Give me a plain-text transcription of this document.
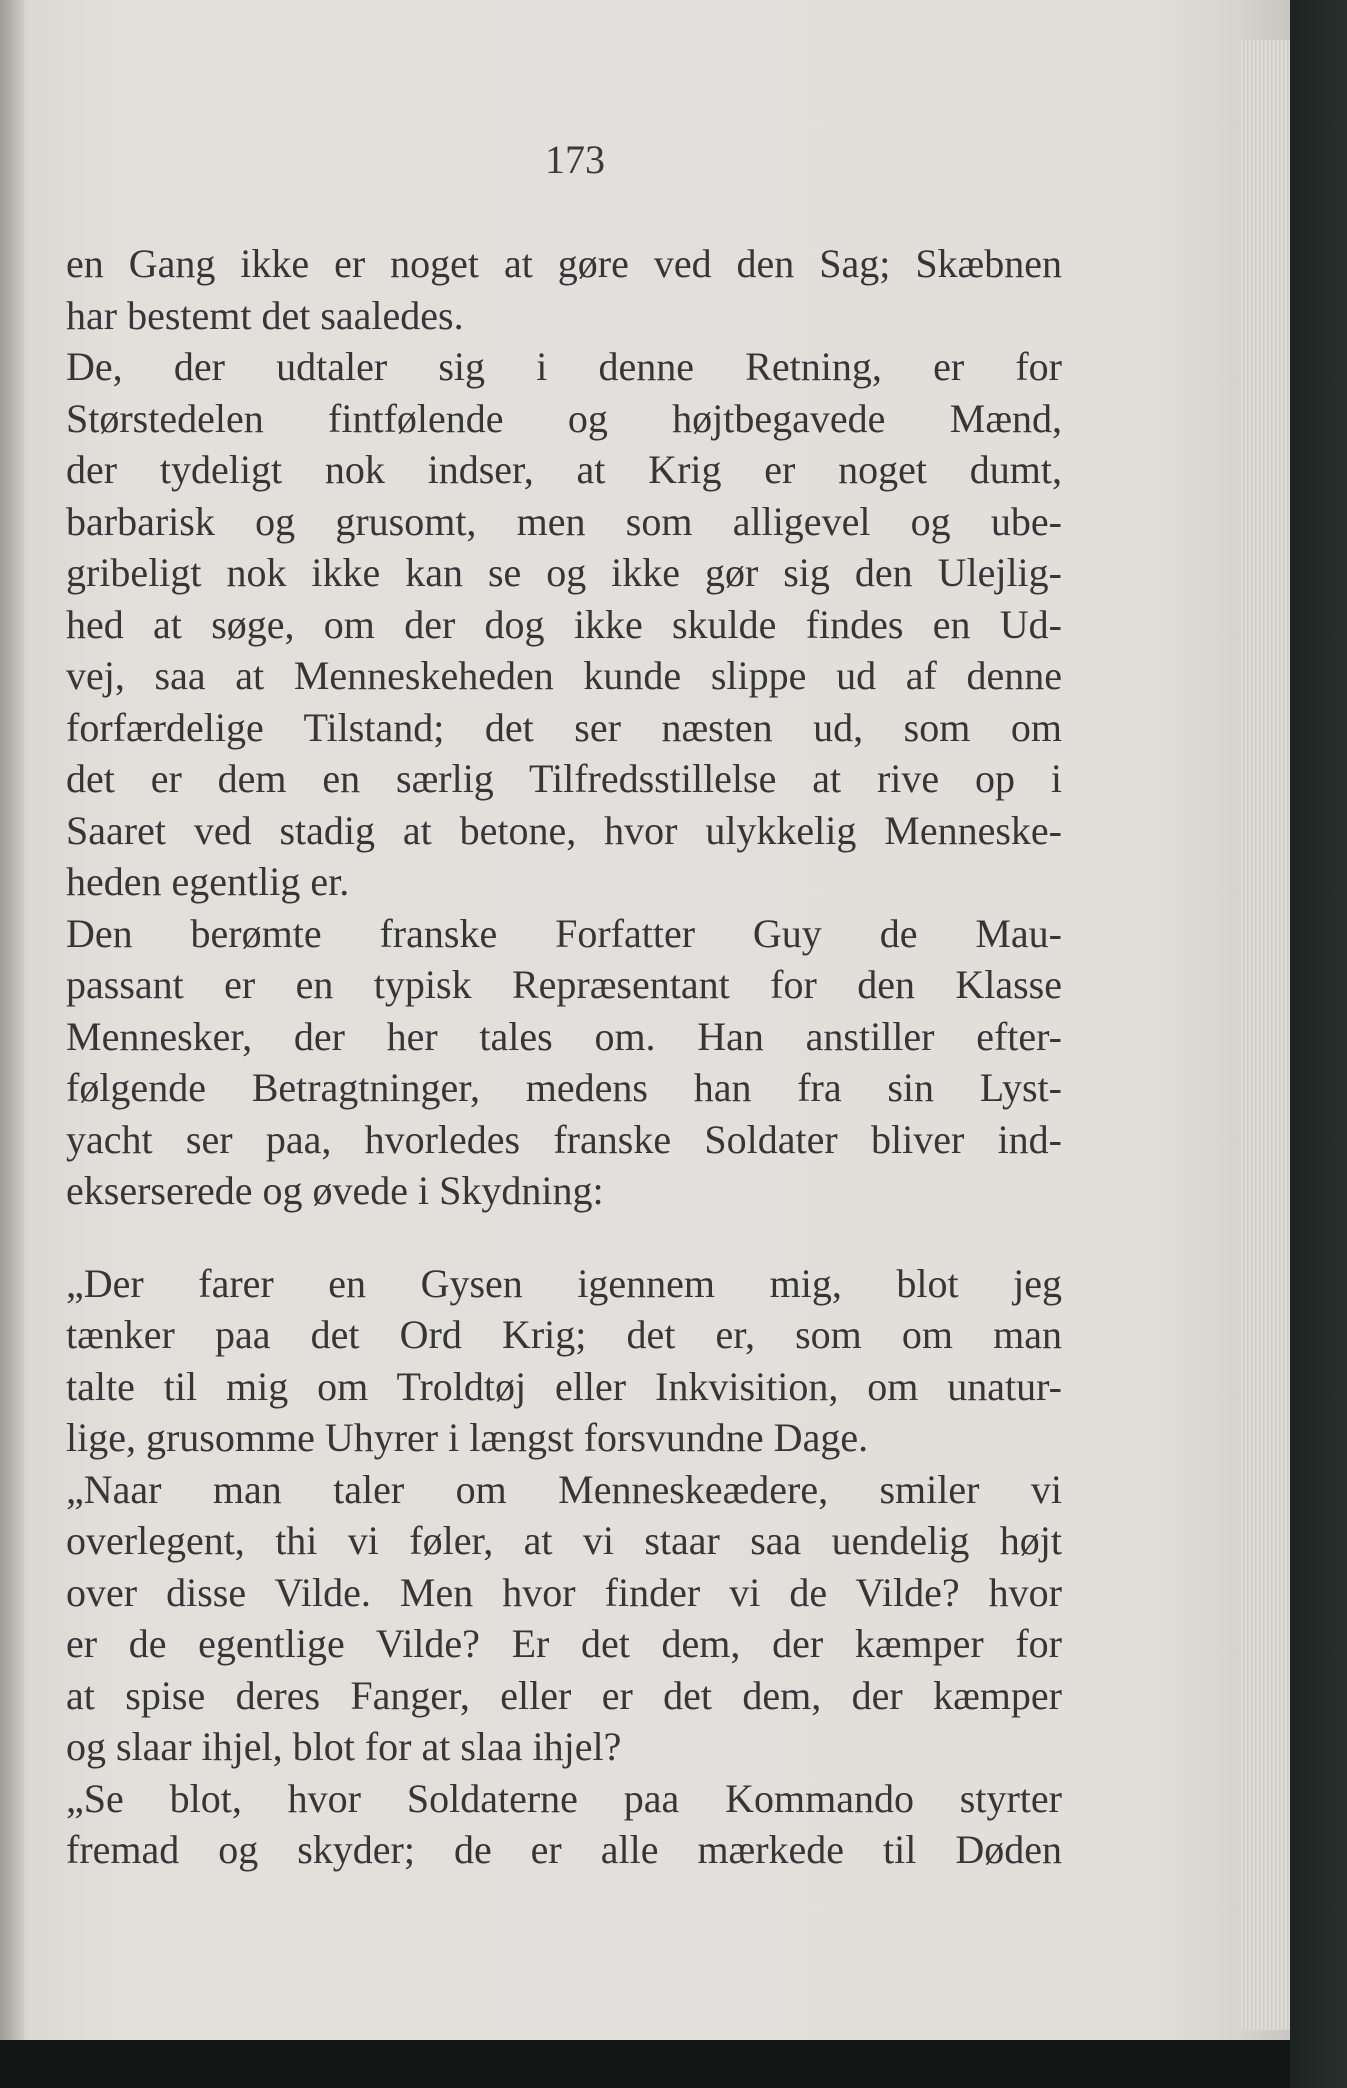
173
en Gang ikke er noget at gøre ved den Sag; Skæbnen
har bestemt det saaledes.
De, der udtaler sig i denne Retning, er for
Størstedelen fintfølende og højtbegavede Mænd,
der tydeligt nok indser, at Krig er noget dumt,
barbarisk og grusomt, men som alligevel og ube-
gribeligt nok ikke kan se og ikke gør sig den Ulejlig-
hed at søge, om der dog ikke skulde findes en Ud-
vej, saa at Menneskeheden kunde slippe ud af denne
forfærdelige Tilstand; det ser næsten ud, som om
det er dem en særlig Tilfredsstillelse at rive op i
Saaret ved stadig at betone, hvor ulykkelig Menneske-
heden egentlig er.
Den berømte franske Forfatter Guy de Mau-
passant er en typisk Repræsentant for den Klasse
Mennesker, der her tales om. Han anstiller efter-
følgende Betragtninger, medens han fra sin Lyst-
yacht ser paa, hvorledes franske Soldater bliver ind-
ekserserede og øvede i Skydning:
„Der farer en Gysen igennem mig, blot jeg
tænker paa det Ord Krig; det er, som om man
talte til mig om Troldtøj eller Inkvisition, om unatur-
lige, grusomme Uhyrer i længst forsvundne Dage.
„Naar man taler om Menneskeædere, smiler vi
overlegent, thi vi føler, at vi staar saa uendelig højt
over disse Vilde. Men hvor finder vi de Vilde? hvor
er de egentlige Vilde? Er det dem, der kæmper for
at spise deres Fanger, eller er det dem, der kæmper
og slaar ihjel, blot for at slaa ihjel?
„Se blot, hvor Soldaterne paa Kommando styrter
fremad og skyder; de er alle mærkede til Døden
